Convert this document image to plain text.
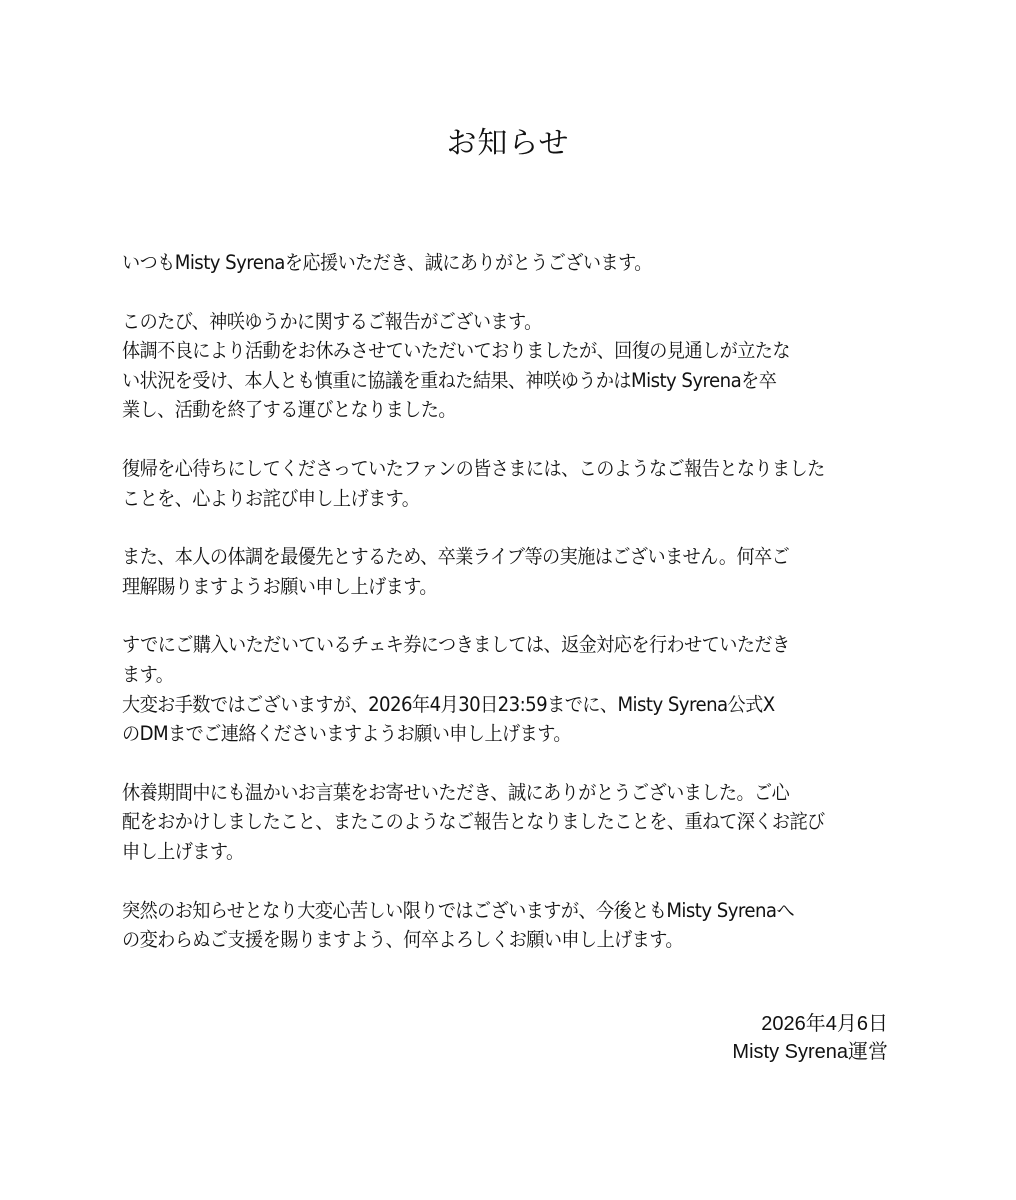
お知らせ
いつもMisty Syrenaを応援いただき、誠にありがとうございます。
このたび、神咲ゆうかに関するご報告がございます。
体調不良により活動をお休みさせていただいておりましたが、回復の見通しが立たな
い状況を受け、本人とも慎重に協議を重ねた結果、神咲ゆうかはMisty Syrenaを卒
業し、活動を終了する運びとなりました。
復帰を心待ちにしてくださっていたファンの皆さまには、このようなご報告となりました
ことを、心よりお詫び申し上げます。
また、本人の体調を最優先とするため、卒業ライブ等の実施はございません。何卒ご
理解賜りますようお願い申し上げます。
すでにご購入いただいているチェキ券につきましては、返金対応を行わせていただき
ます。
大変お手数ではございますが、2026年4月30日23:59までに、Misty Syrena公式X
のDMまでご連絡くださいますようお願い申し上げます。
休養期間中にも温かいお言葉をお寄せいただき、誠にありがとうございました。ご心
配をおかけしましたこと、またこのようなご報告となりましたことを、重ねて深くお詫び
申し上げます。
突然のお知らせとなり大変心苦しい限りではございますが、今後ともMisty Syrenaへ
の変わらぬご支援を賜りますよう、何卒よろしくお願い申し上げます。
2026年4月6日
Misty Syrena運営
